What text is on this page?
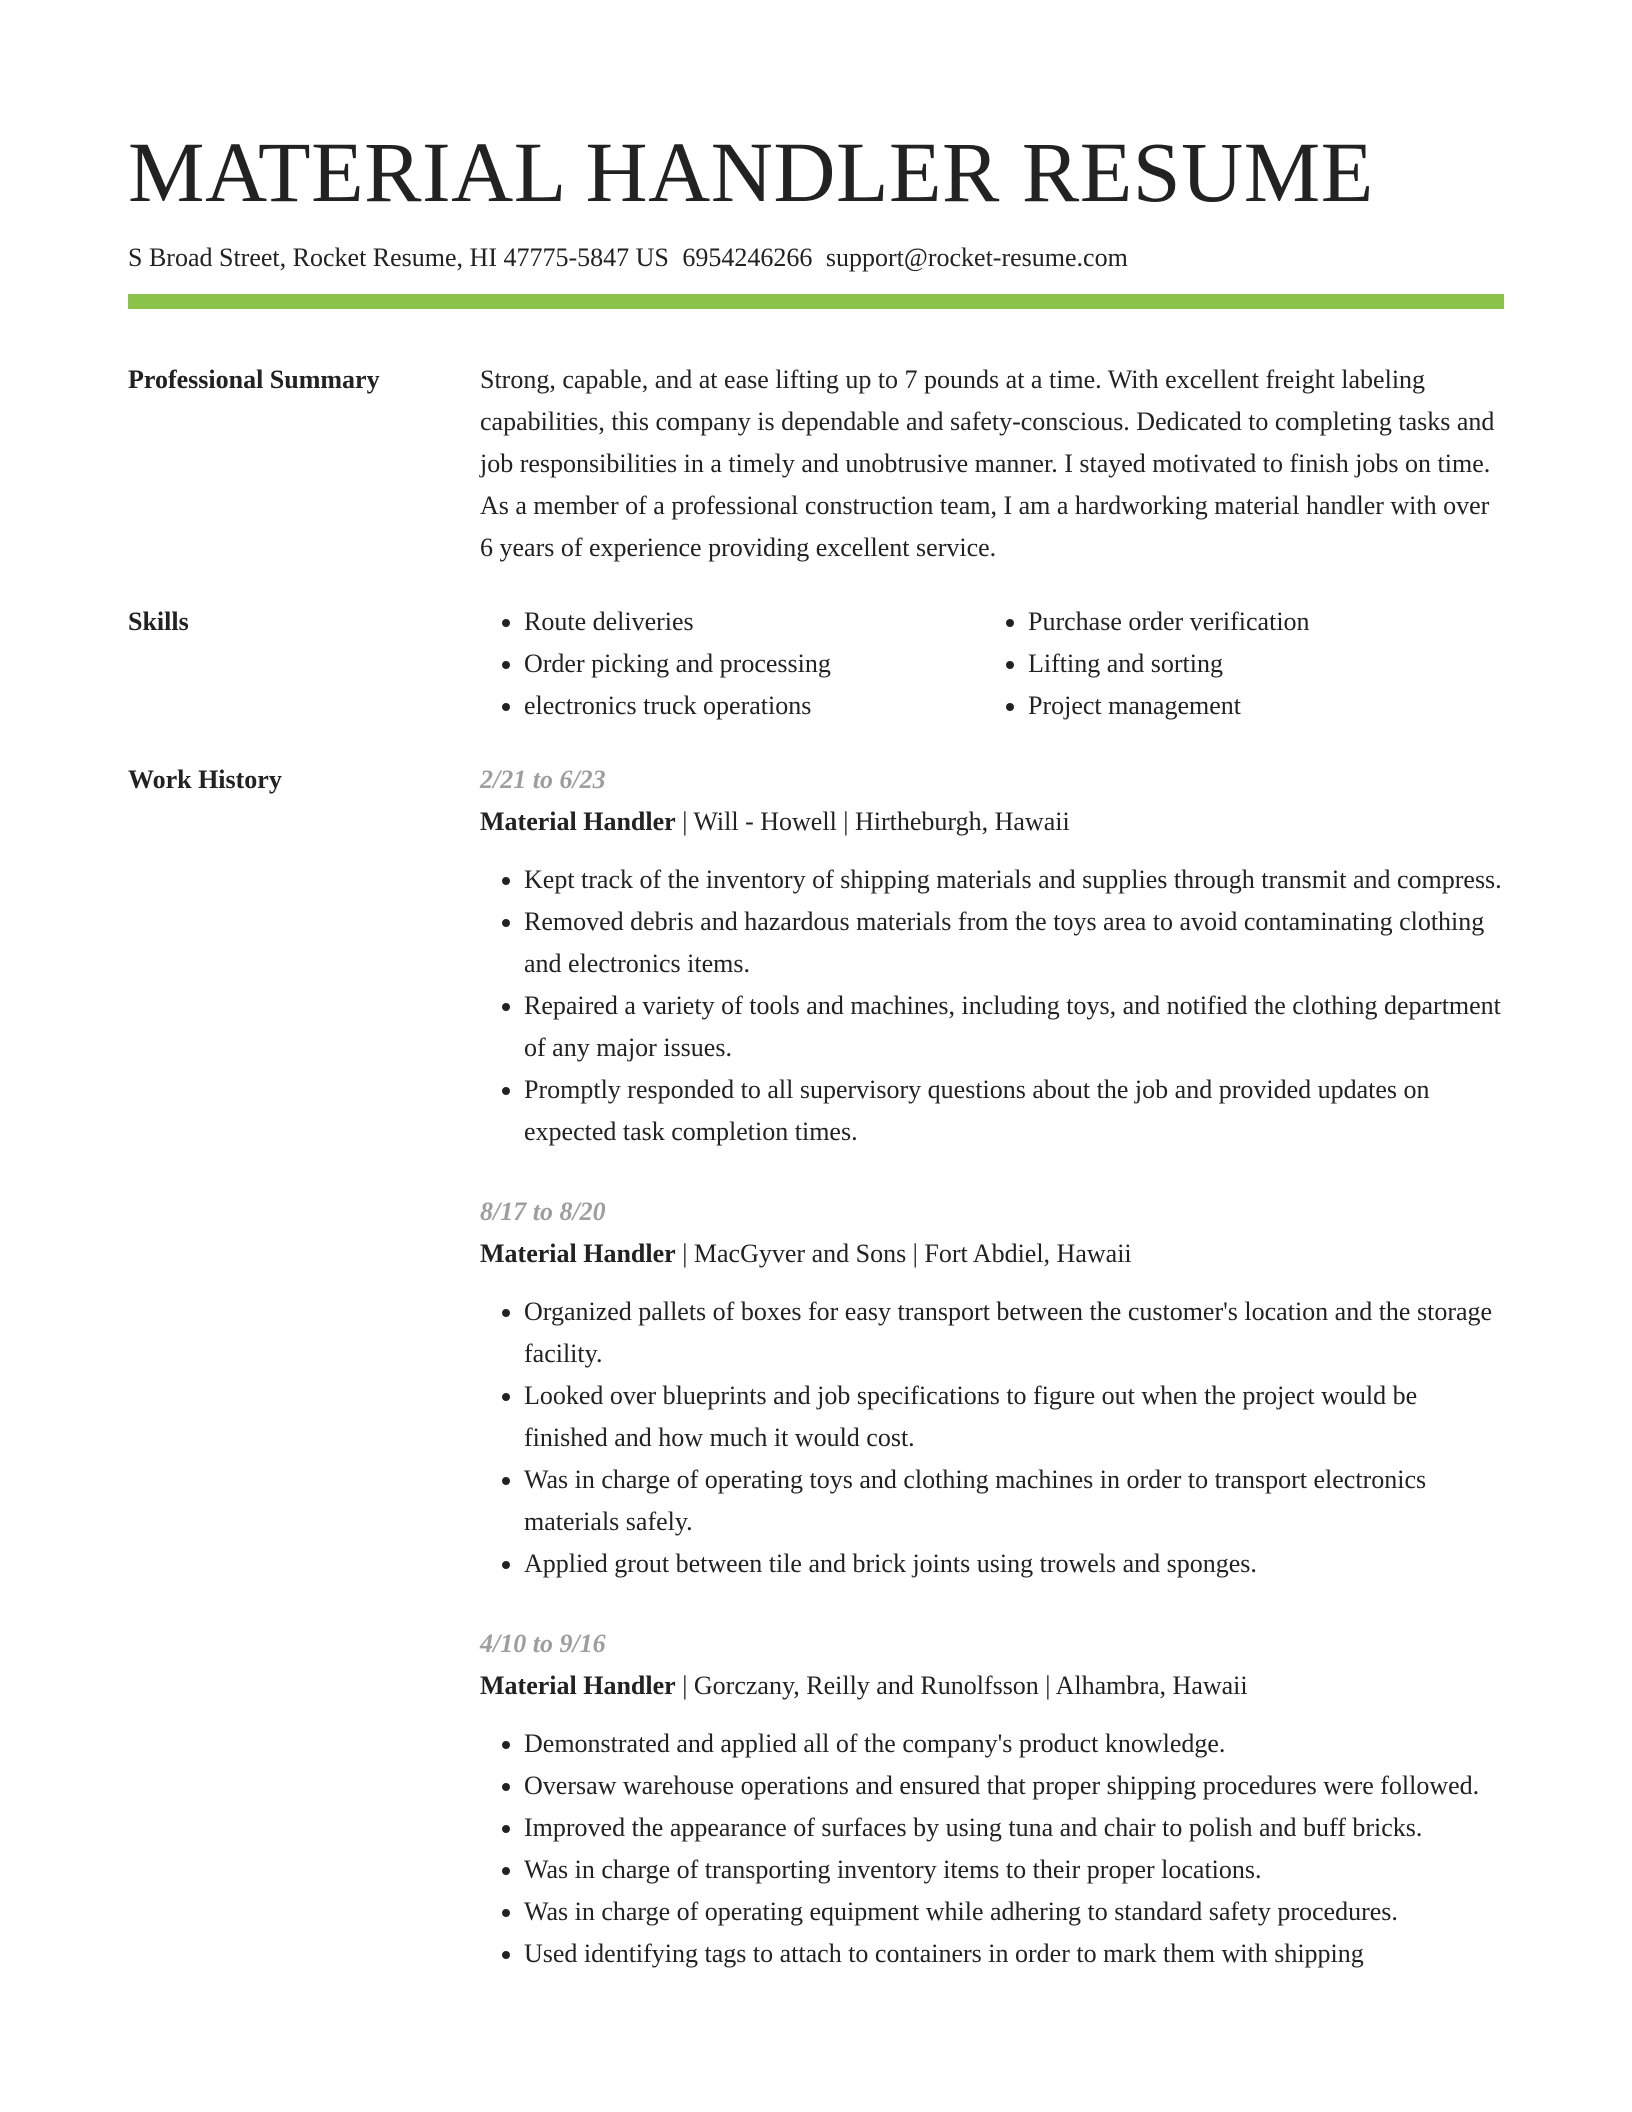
MATERIAL HANDLER RESUME
S Broad Street, Rocket Resume, HI 47775-5847 US 6954246266 support@rocket-resume.com
Professional Summary	Strong, capable, and at ease lifting up to 7 pounds at a time. With excellent freight labeling capabilities, this company is dependable and safety-conscious. Dedicated to completing tasks and job responsibilities in a timely and unobtrusive manner. I stayed motivated to finish jobs on time. As a member of a professional construction team, I am a hardworking material handler with over 6 years of experience providing excellent service.
Skills
•	Route deliveries
• Order picking and processing
• electronics truck operations
• Purchase order verification
• Lifting and sorting
• Project management
Work History	2/21 to 6/23
Material Handler | Will - Howell | Hirtheburgh, Hawaii
• Kept track of the inventory of shipping materials and supplies through transmit and compress.
• Removed debris and hazardous materials from the toys area to avoid contaminating clothing and electronics items.
• Repaired a variety of tools and machines, including toys, and notified the clothing department of any major issues.
• Promptly responded to all supervisory questions about the job and provided updates on expected task completion times.
8/17 to 8/20
Material Handler | MacGyver and Sons | Fort Abdiel, Hawaii
• Organized pallets of boxes for easy transport between the customer's location and the storage facility.
• Looked over blueprints and job specifications to figure out when the project would be finished and how much it would cost.
• Was in charge of operating toys and clothing machines in order to transport electronics materials safely.
• Applied grout between tile and brick joints using trowels and sponges.
4/10 to 9/16
Material Handler | Gorczany, Reilly and Runolfsson | Alhambra, Hawaii
• Demonstrated and applied all of the company's product knowledge.
• Oversaw warehouse operations and ensured that proper shipping procedures were followed.
• Improved the appearance of surfaces by using tuna and chair to polish and buff bricks.
• Was in charge of transporting inventory items to their proper locations.
• Was in charge of operating equipment while adhering to standard safety procedures.
• Used identifying tags to attach to containers in order to mark them with shipping
